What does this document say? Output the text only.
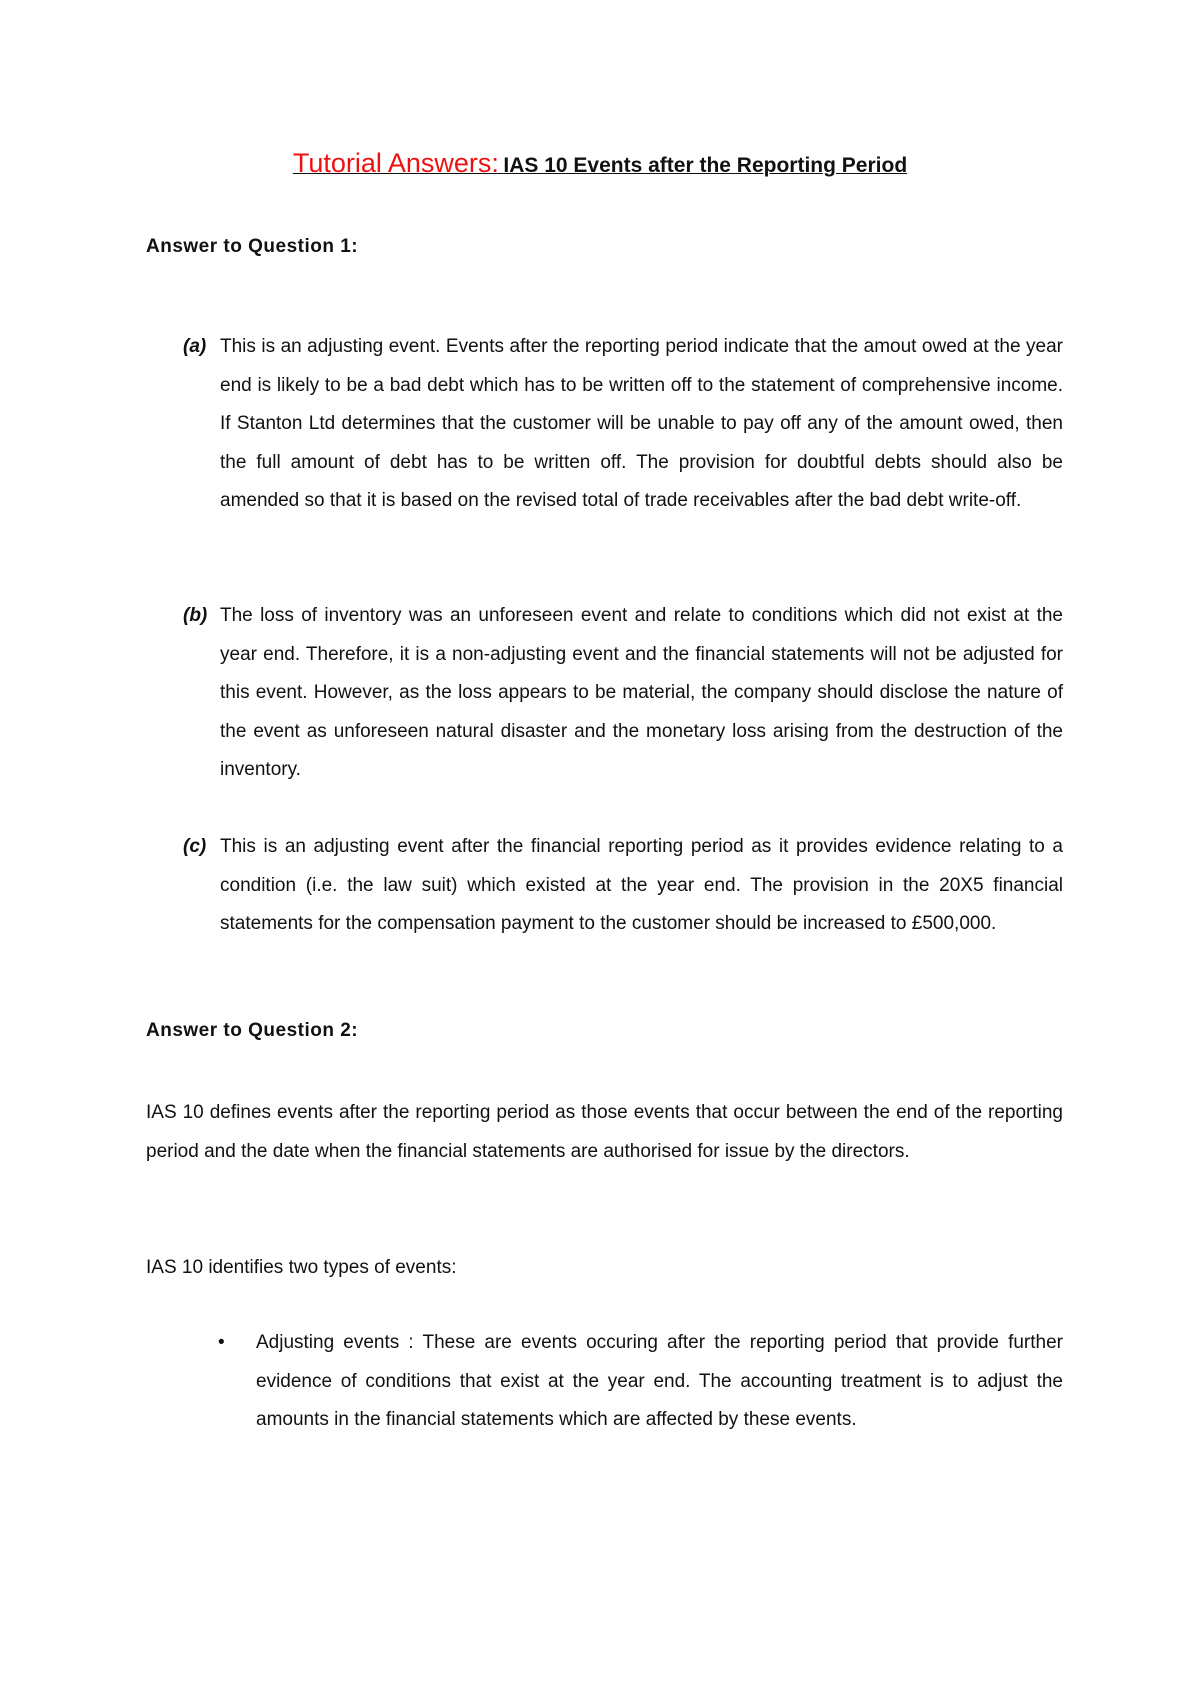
Tutorial Answers: IAS 10 Events after the Reporting Period
Answer to Question 1:
(a) This is an adjusting event. Events after the reporting period indicate that the amout owed at the year end is likely to be a bad debt which has to be written off to the statement of comprehensive income. If Stanton Ltd determines that the customer will be unable to pay off any of the amount owed, then the full amount of debt has to be written off. The provision for doubtful debts should also be amended so that it is based on the revised total of trade receivables after the bad debt write-off.
(b) The loss of inventory was an unforeseen event and relate to conditions which did not exist at the year end. Therefore, it is a non-adjusting event and the financial statements will not be adjusted for this event. However, as the loss appears to be material, the company should disclose the nature of the event as unforeseen natural disaster and the monetary loss arising from the destruction of the inventory.
(c) This is an adjusting event after the financial reporting period as it provides evidence relating to a condition (i.e. the law suit) which existed at the year end. The provision in the 20X5 financial statements for the compensation payment to the customer should be increased to £500,000.
Answer to Question 2:

IAS 10 defines events after the reporting period as those events that occur between the end of the reporting period and the date when the financial statements are authorised for issue by the directors.

IAS 10 identifies two types of events:

• Adjusting events : These are events occuring after the reporting period that provide further evidence of conditions that exist at the year end. The accounting treatment is to adjust the amounts in the financial statements which are affected by these events.
